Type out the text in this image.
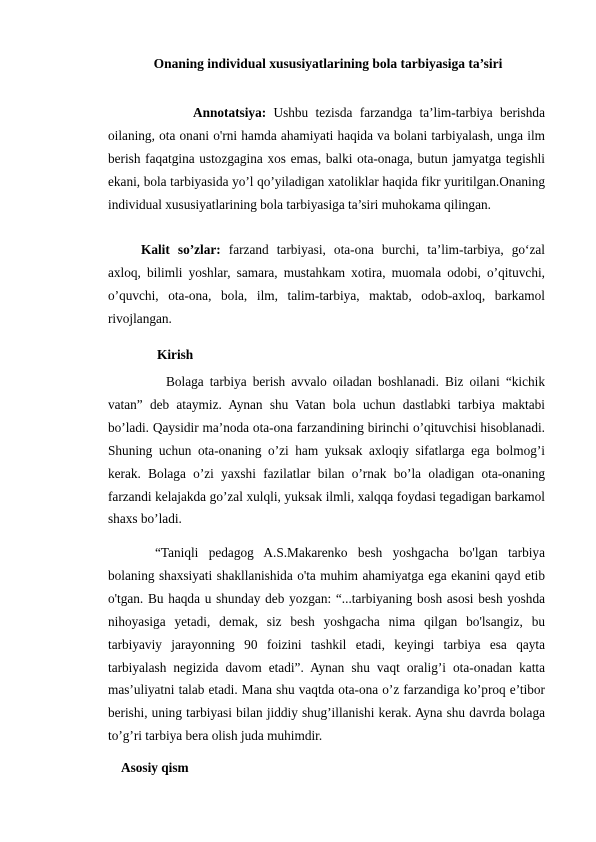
Onaning individual xususiyatlarining bola tarbiyasiga ta’siri
Annotatsiya: Ushbu tezisda farzandga ta’lim-tarbiya berishda oilaning, ota onani o'rni hamda ahamiyati haqida va bolani tarbiyalash, unga ilm berish faqatgina ustozgagina xos emas, balki ota-onaga, butun jamyatga tegishli ekani, bola tarbiyasida yo’l qo’yiladigan xatoliklar haqida fikr yuritilgan.Onaning individual xususiyatlarining bola tarbiyasiga ta’siri muhokama qilingan.
Kalit so’zlar: farzand tarbiyasi, ota-ona burchi, ta’lim-tarbiya, go‘zal axloq, bilimli yoshlar, samara, mustahkam xotira, muomala odobi, o’qituvchi, o’quvchi, ota-ona, bola, ilm, talim-tarbiya, maktab, odob-axloq, barkamol rivojlangan.
Kirish
Bolaga tarbiya berish avvalo oiladan boshlanadi. Biz oilani “kichik vatan” deb ataymiz. Aynan shu Vatan bola uchun dastlabki tarbiya maktabi bo’ladi. Qaysidir ma’noda ota-ona farzandining birinchi o’qituvchisi hisoblanadi. Shuning uchun ota-onaning o’zi ham yuksak axloqiy sifatlarga ega bolmog’i kerak. Bolaga o’zi yaxshi fazilatlar bilan o’rnak bo’la oladigan ota-onaning farzandi kelajakda go’zal xulqli, yuksak ilmli, xalqqa foydasi tegadigan barkamol shaxs bo’ladi.
“Taniqli pedagog A.S.Makarenko besh yoshgacha bo'lgan tarbiya bolaning shaxsiyati shakllanishida o'ta muhim ahamiyatga ega ekanini qayd etib o'tgan. Bu haqda u shunday deb yozgan: “...tarbiyaning bosh asosi besh yoshda nihoyasiga yetadi, demak, siz besh yoshgacha nima qilgan bo'lsangiz, bu tarbiyaviy jarayonning 90 foizini tashkil etadi, keyingi tarbiya esa qayta tarbiyalash negizida davom etadi”. Aynan shu vaqt oralig’i ota-onadan katta mas’uliyatni talab etadi. Mana shu vaqtda ota-ona o’z farzandiga ko’proq e’tibor berishi, uning tarbiyasi bilan jiddiy shug’illanishi kerak. Ayna shu davrda bolaga to’g’ri tarbiya bera olish juda muhimdir.
Asosiy qism
